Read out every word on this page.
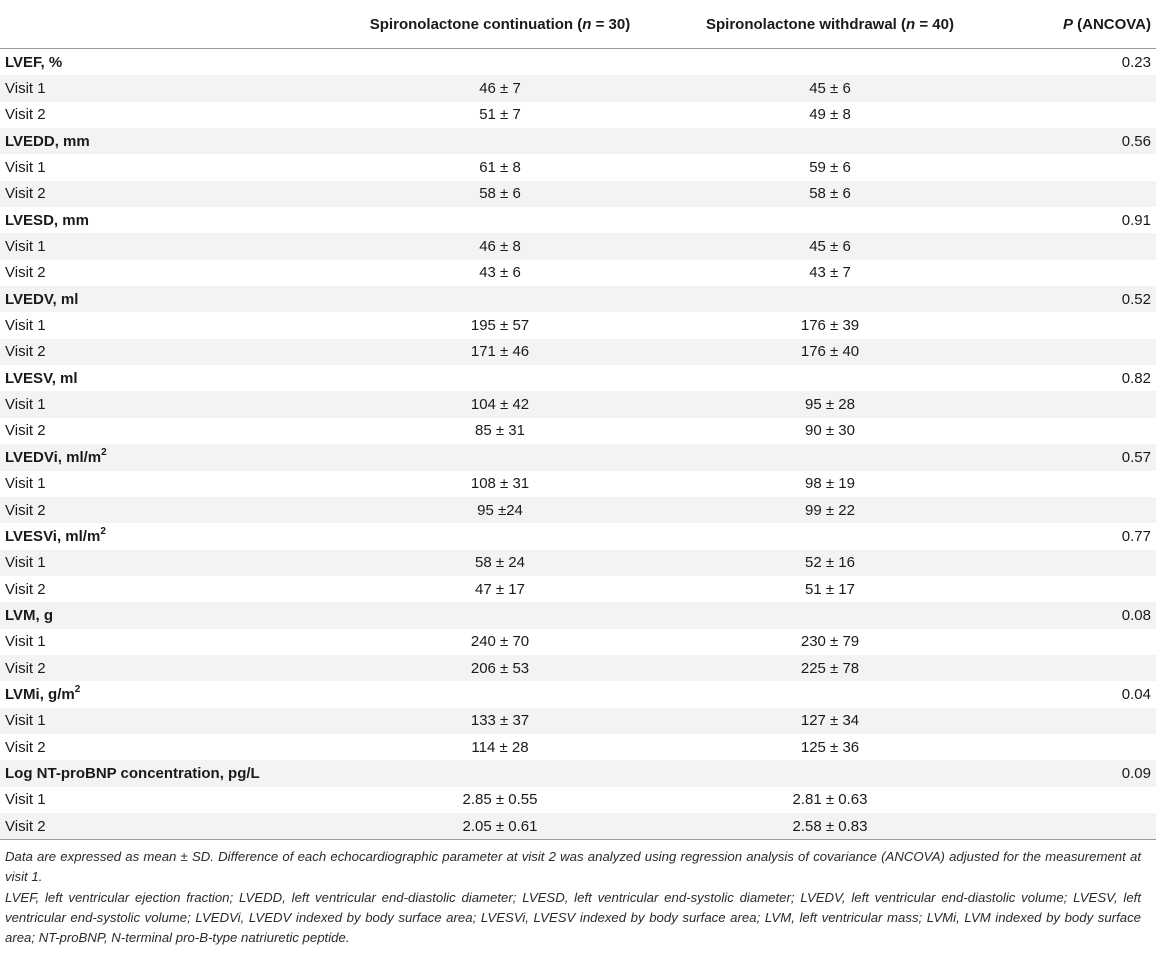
	Spironolactone continuation (n = 30)	Spironolactone withdrawal (n = 40)	P (ANCOVA)
LVEF, %			0.23
Visit 1	46 ± 7	45 ± 6	
Visit 2	51 ± 7	49 ± 8	
LVEDD, mm			0.56
Visit 1	61 ± 8	59 ± 6	
Visit 2	58 ± 6	58 ± 6	
LVESD, mm			0.91
Visit 1	46 ± 8	45 ± 6	
Visit 2	43 ± 6	43 ± 7	
LVEDV, ml			0.52
Visit 1	195 ± 57	176 ± 39	
Visit 2	171 ± 46	176 ± 40	
LVESV, ml			0.82
Visit 1	104 ± 42	95 ± 28	
Visit 2	85 ± 31	90 ± 30	
LVEDVi, $ml/m^2$			0.57
Visit 1	108 ± 31	98 ± 19	
Visit 2	95 ±24	99 ± 22	
LVESVi, $ml/m^2$			0.77
Visit 1	58 ± 24	52 ± 16	
Visit 2	47 ± 17	51 ± 17	
LVM, g			0.08
Visit 1	240 ± 70	230 ± 79	
Visit 2	206 ± 53	225 ± 78	
LVMi, $g/m^2$			0.04
Visit 1	133 ± 37	127 ± 34	
Visit 2	114 ± 28	125 ± 36	
Log NT-proBNP concentration, pg/L			0.09
Visit 1	2.85 ± 0.55	2.81 ± 0.63	
Visit 2	2.05 ± 0.61	2.58 ± 0.83	

Data are expressed as mean ± SD. Difference of each echocardiographic parameter at visit 2 was analyzed using regression analysis of covariance (ANCOVA) adjusted for the measurement at visit 1.

LVEF, left ventricular ejection fraction; LVEDD, left ventricular end-diastolic diameter; LVESD, left ventricular end-systolic diameter; LVEDV, left ventricular end-diastolic volume; LVESV, left ventricular end-systolic volume; LVEDVi, LVEDV indexed by body surface area; LVESVi, LVESV indexed by body surface area; LVM, left ventricular mass; LVMi, LVM indexed by body surface area; NT-proBNP, N-terminal pro-B-type natriuretic peptide.
